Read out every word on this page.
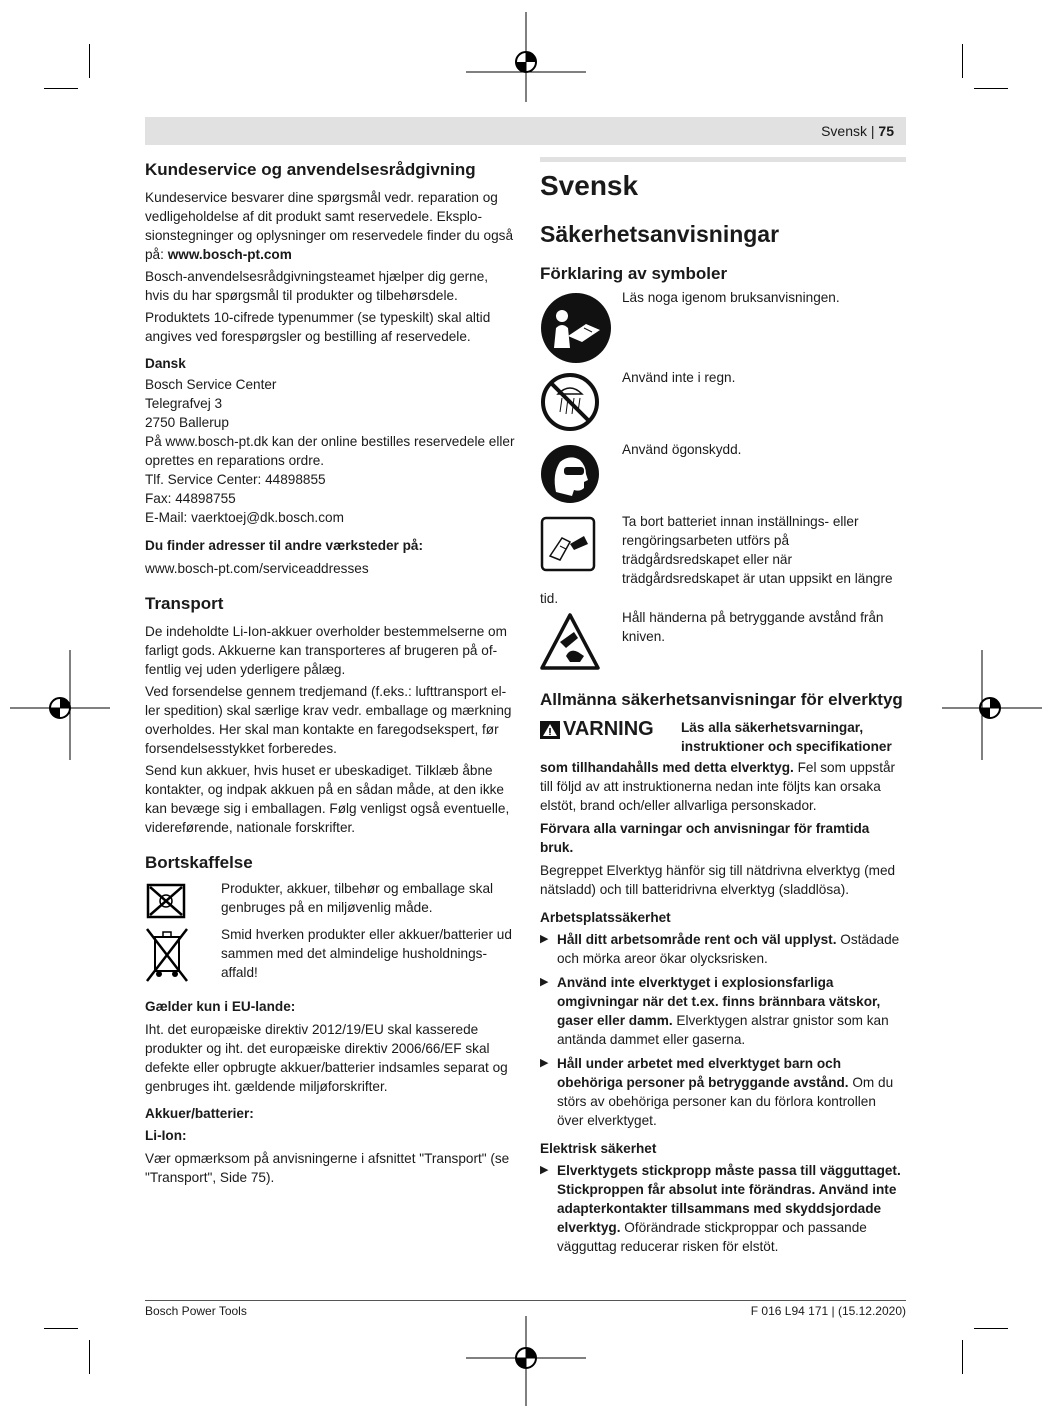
Svensk | 75
Kundeservice og anvendelsesrådgivning

Kundeservice besvarer dine spørgsmål vedr. reparation og vedligeholdelse af dit produkt samt reservedele. Eksplosionstegninger og oplysninger om reservedele finder du også på: www.bosch-pt.com

Bosch-anvendelsesrådgivningsteamet hjælper dig gerne, hvis du har spørgsmål til produkter og tilbehørsdele.

Produktets 10-cifrede typenummer (se typeskilt) skal altid angives ved forespørgsler og bestilling af reservedele.

Dansk
Bosch Service Center
Telegrafvej 3
2750 Ballerup
På www.bosch-pt.dk kan der online bestilles reservedele eller oprettes en reparations ordre.
Tlf. Service Center: 44898855
Fax: 44898755
E-Mail: vaerktoej@dk.bosch.com
Du finder adresser til andre værksteder på:
www.bosch-pt.com/serviceaddresses
Transport

De indeholdte Li-Ion-akkuer overholder bestemmelserne om farligt gods. Akkuerne kan transporteres af brugeren på offentlig vej uden yderligere pålæg.

Ved forsendelse gennem tredjemand (f.eks.: lufttransport eller spedition) skal særlige krav vedr. emballage og mærkning overholdes. Her skal man kontakte en faregodsekspert, før forsendelsesstykket forberedes.

Send kun akkuer, hvis huset er ubeskadiget. Tilklæb åbne kontakter, og indpak akkuen på en sådan måde, at den ikke kan bevæge sig i emballagen. Følg venligst også eventuelle, videreførende, nationale forskrifter.

Bortskaffelse
Produkter, akkuer, tilbehør og emballage skal genbruges på en miljøvenlig måde.
Smid hverken produkter eller akkuer/batterier ud sammen med det almindelige husholdningsaffald!
Gælder kun i EU-lande:

Iht. det europæiske direktiv 2012/19/EU skal kasserede produkter og iht. det europæiske direktiv 2006/66/EF skal defekte eller opbrugte akkuer/batterier indsamles separat og genbruges iht. gældende miljøforskrifter.

Akkuer/batterier:
Li-Ion:

Vær opmærksom på anvisningerne i afsnittet "Transport" (se "Transport", Side 75).

Svensk
Säkerhetsanvisningar
Förklaring av symboler
Läs noga igenom bruksanvisningen.
Använd inte i regn.
Använd ögonskydd.
Ta bort batteriet innan inställnings- eller rengöringsarbeten utförs på trädgårdsredskapet eller när trädgårdsredskapet är utan uppsikt en längre
tid.
Håll händerna på betryggande avstånd från kniven.
Allmänna säkerhetsanvisningar för elverktyg
VARNING Läs alla säkerhetsvarningar, instruktioner och specifikationer

som tillhandahålls med detta elverktyg. Fel som uppstår till följd av att instruktionerna nedan inte följts kan orsaka elstöt, brand och/eller allvarliga personskador.

Förvara alla varningar och anvisningar för framtida bruk.

Begreppet Elverktyg hänför sig till nätdrivna elverktyg (med nätsladd) och till batteridrivna elverktyg (sladdlösa).

Arbetsplatssäkerhet
▶ Håll ditt arbetsområde rent och väl upplyst. Ostädade och mörka areor ökar olycksrisken.
▶ Använd inte elverktyget i explosionsfarliga omgivningar när det t.ex. finns brännbara vätskor, gaser eller damm. Elverktygen alstrar gnistor som kan antända dammet eller gaserna.
▶ Håll under arbetet med elverktyget barn och obehöriga personer på betryggande avstånd. Om du störs av obehöriga personer kan du förlora kontrollen över elverktyget.
Elektrisk säkerhet
▶ Elverktygets stickpropp måste passa till vägguttaget. Stickproppen får absolut inte förändras. Använd inte adapterkontakter tillsammans med skyddsjordade elverktyg. Oförändrade stickproppar och passande vägguttag reducerar risken för elstöt.
Bosch Power Tools	F 016 L94 171 | (15.12.2020)
